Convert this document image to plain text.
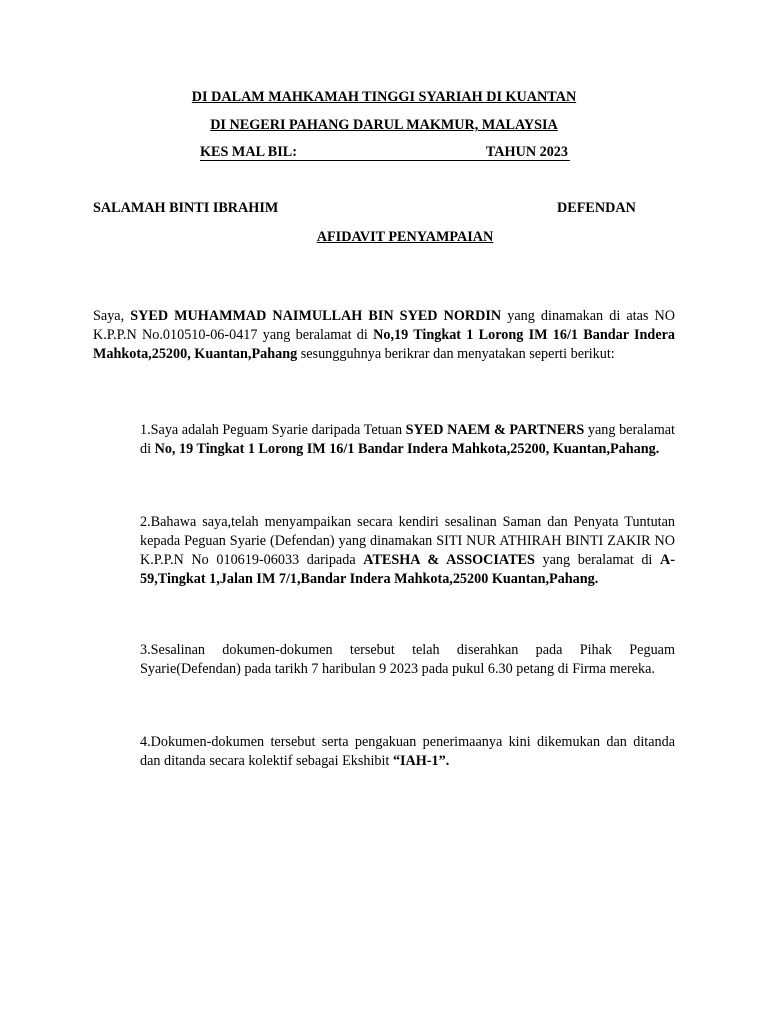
DI DALAM MAHKAMAH TINGGI SYARIAH DI KUANTAN
DI NEGERI PAHANG DARUL MAKMUR, MALAYSIA
KES MAL BIL:	TAHUN 2023
SALAMAH BINTI IBRAHIM	DEFENDAN
AFIDAVIT PENYAMPAIAN

Saya, SYED MUHAMMAD NAIMULLAH BIN SYED NORDIN yang dinamakan di atas NO K.P.P.N No.010510-06-0417 yang beralamat di No,19 Tingkat 1 Lorong IM 16/1 Bandar Indera Mahkota,25200, Kuantan,Pahang sesungguhnya berikrar dan menyatakan seperti berikut:

1.Saya adalah Peguam Syarie daripada Tetuan SYED NAEM & PARTNERS yang beralamat di No, 19 Tingkat 1 Lorong IM 16/1 Bandar Indera Mahkota,25200, Kuantan,Pahang.

2.Bahawa saya,telah menyampaikan secara kendiri sesalinan Saman dan Penyata Tuntutan kepada Peguan Syarie (Defendan) yang dinamakan SITI NUR ATHIRAH BINTI ZAKIR NO K.P.P.N No 010619-06033 daripada ATESHA & ASSOCIATES yang beralamat di A-59,Tingkat 1,Jalan IM 7/1,Bandar Indera Mahkota,25200 Kuantan,Pahang.

3.Sesalinan dokumen-dokumen tersebut telah diserahkan pada Pihak Peguam Syarie(Defendan) pada tarikh 7 haribulan 9 2023 pada pukul 6.30 petang di Firma mereka.

4.Dokumen-dokumen tersebut serta pengakuan penerimaanya kini dikemukan dan ditanda dan ditanda secara kolektif sebagai Ekshibit “IAH-1”.
